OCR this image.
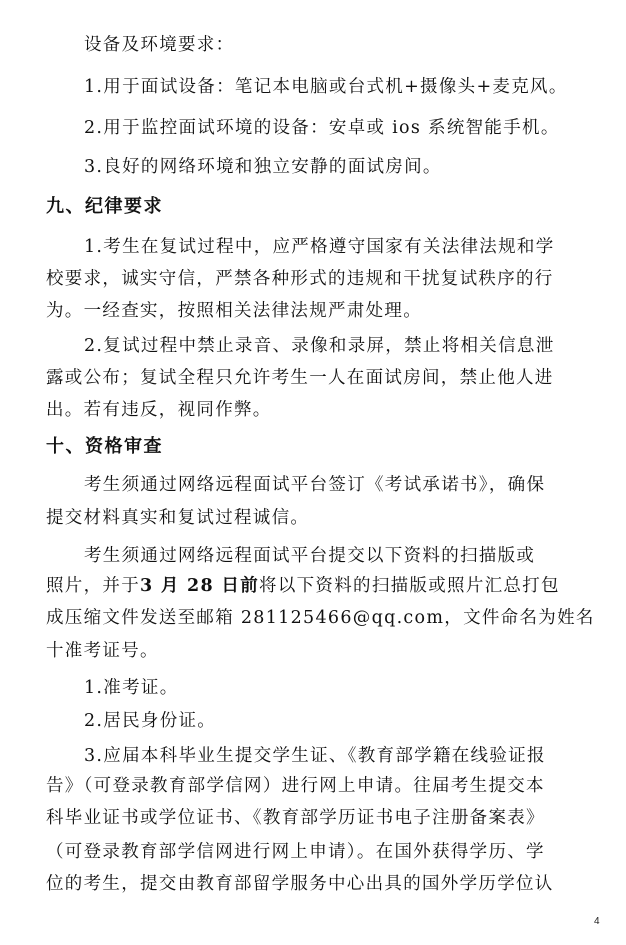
设备及环境要求：
1.用于面试设备：笔记本电脑或台式机+摄像头+麦克风。
2.用于监控面试环境的设备：安卓或 ios 系统智能手机。
3.良好的网络环境和独立安静的面试房间。
九、纪律要求
1.考生在复试过程中，应严格遵守国家有关法律法规和学
校要求，诚实守信，严禁各种形式的违规和干扰复试秩序的行
为。一经查实，按照相关法律法规严肃处理。
2.复试过程中禁止录音、录像和录屏，禁止将相关信息泄
露或公布；复试全程只允许考生一人在面试房间，禁止他人进
出。若有违反，视同作弊。
十、资格审查
考生须通过网络远程面试平台签订《考试承诺书》，确保
提交材料真实和复试过程诚信。
考生须通过网络远程面试平台提交以下资料的扫描版或
照片，并于3 月 28 日前将以下资料的扫描版或照片汇总打包
成压缩文件发送至邮箱 281125466@qq.com，文件命名为姓名
十准考证号。
1.准考证。
2.居民身份证。
3.应届本科毕业生提交学生证、《教育部学籍在线验证报
告》（可登录教育部学信网）进行网上申请。往届考生提交本
科毕业证书或学位证书、《教育部学历证书电子注册备案表》
（可登录教育部学信网进行网上申请）。在国外获得学历、学
位的考生，提交由教育部留学服务中心出具的国外学历学位认
4
